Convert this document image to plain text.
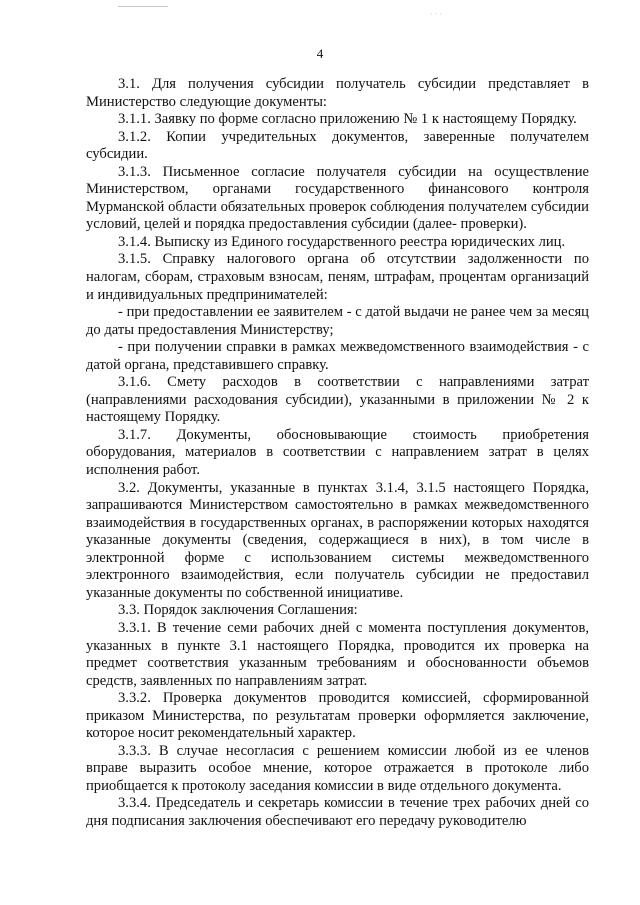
· · ·
4

3.1. Для получения субсидии получатель субсидии представляет в Министерство следующие документы:

3.1.1. Заявку по форме согласно приложению № 1 к настоящему Порядку.

3.1.2. Копии учредительных документов, заверенные получателем субсидии.

3.1.3. Письменное согласие получателя субсидии на осуществление Министерством, органами государственного финансового контроля Мурманской области обязательных проверок соблюдения получателем субсидии условий, целей и порядка предоставления субсидии (далее- проверки).

3.1.4. Выписку из Единого государственного реестра юридических лиц.

3.1.5. Справку налогового органа об отсутствии задолженности по налогам, сборам, страховым взносам, пеням, штрафам, процентам организаций и индивидуальных предпринимателей:

- при предоставлении ее заявителем - с датой выдачи не ранее чем за месяц до даты предоставления Министерству;

- при получении справки в рамках межведомственного взаимодействия - с датой органа, представившего справку.

3.1.6. Смету расходов в соответствии с направлениями затрат (направлениями расходования субсидии), указанными в приложении № 2 к настоящему Порядку.

3.1.7. Документы, обосновывающие стоимость приобретения оборудования, материалов в соответствии с направлением затрат в целях исполнения работ.

3.2. Документы, указанные в пунктах 3.1.4, 3.1.5 настоящего Порядка, запрашиваются Министерством самостоятельно в рамках межведомственного взаимодействия в государственных органах, в распоряжении которых находятся указанные документы (сведения, содержащиеся в них), в том числе в электронной форме с использованием системы межведомственного электронного взаимодействия, если получатель субсидии не предоставил указанные документы по собственной инициативе.

3.3. Порядок заключения Соглашения:

3.3.1. В течение семи рабочих дней с момента поступления документов, указанных в пункте 3.1 настоящего Порядка, проводится их проверка на предмет соответствия указанным требованиям и обоснованности объемов средств, заявленных по направлениям затрат.

3.3.2. Проверка документов проводится комиссией, сформированной приказом Министерства, по результатам проверки оформляется заключение, которое носит рекомендательный характер.

3.3.3. В случае несогласия с решением комиссии любой из ее членов вправе выразить особое мнение, которое отражается в протоколе либо приобщается к протоколу заседания комиссии в виде отдельного документа.

3.3.4. Председатель и секретарь комиссии в течение трех рабочих дней со дня подписания заключения обеспечивают его передачу руководителю
